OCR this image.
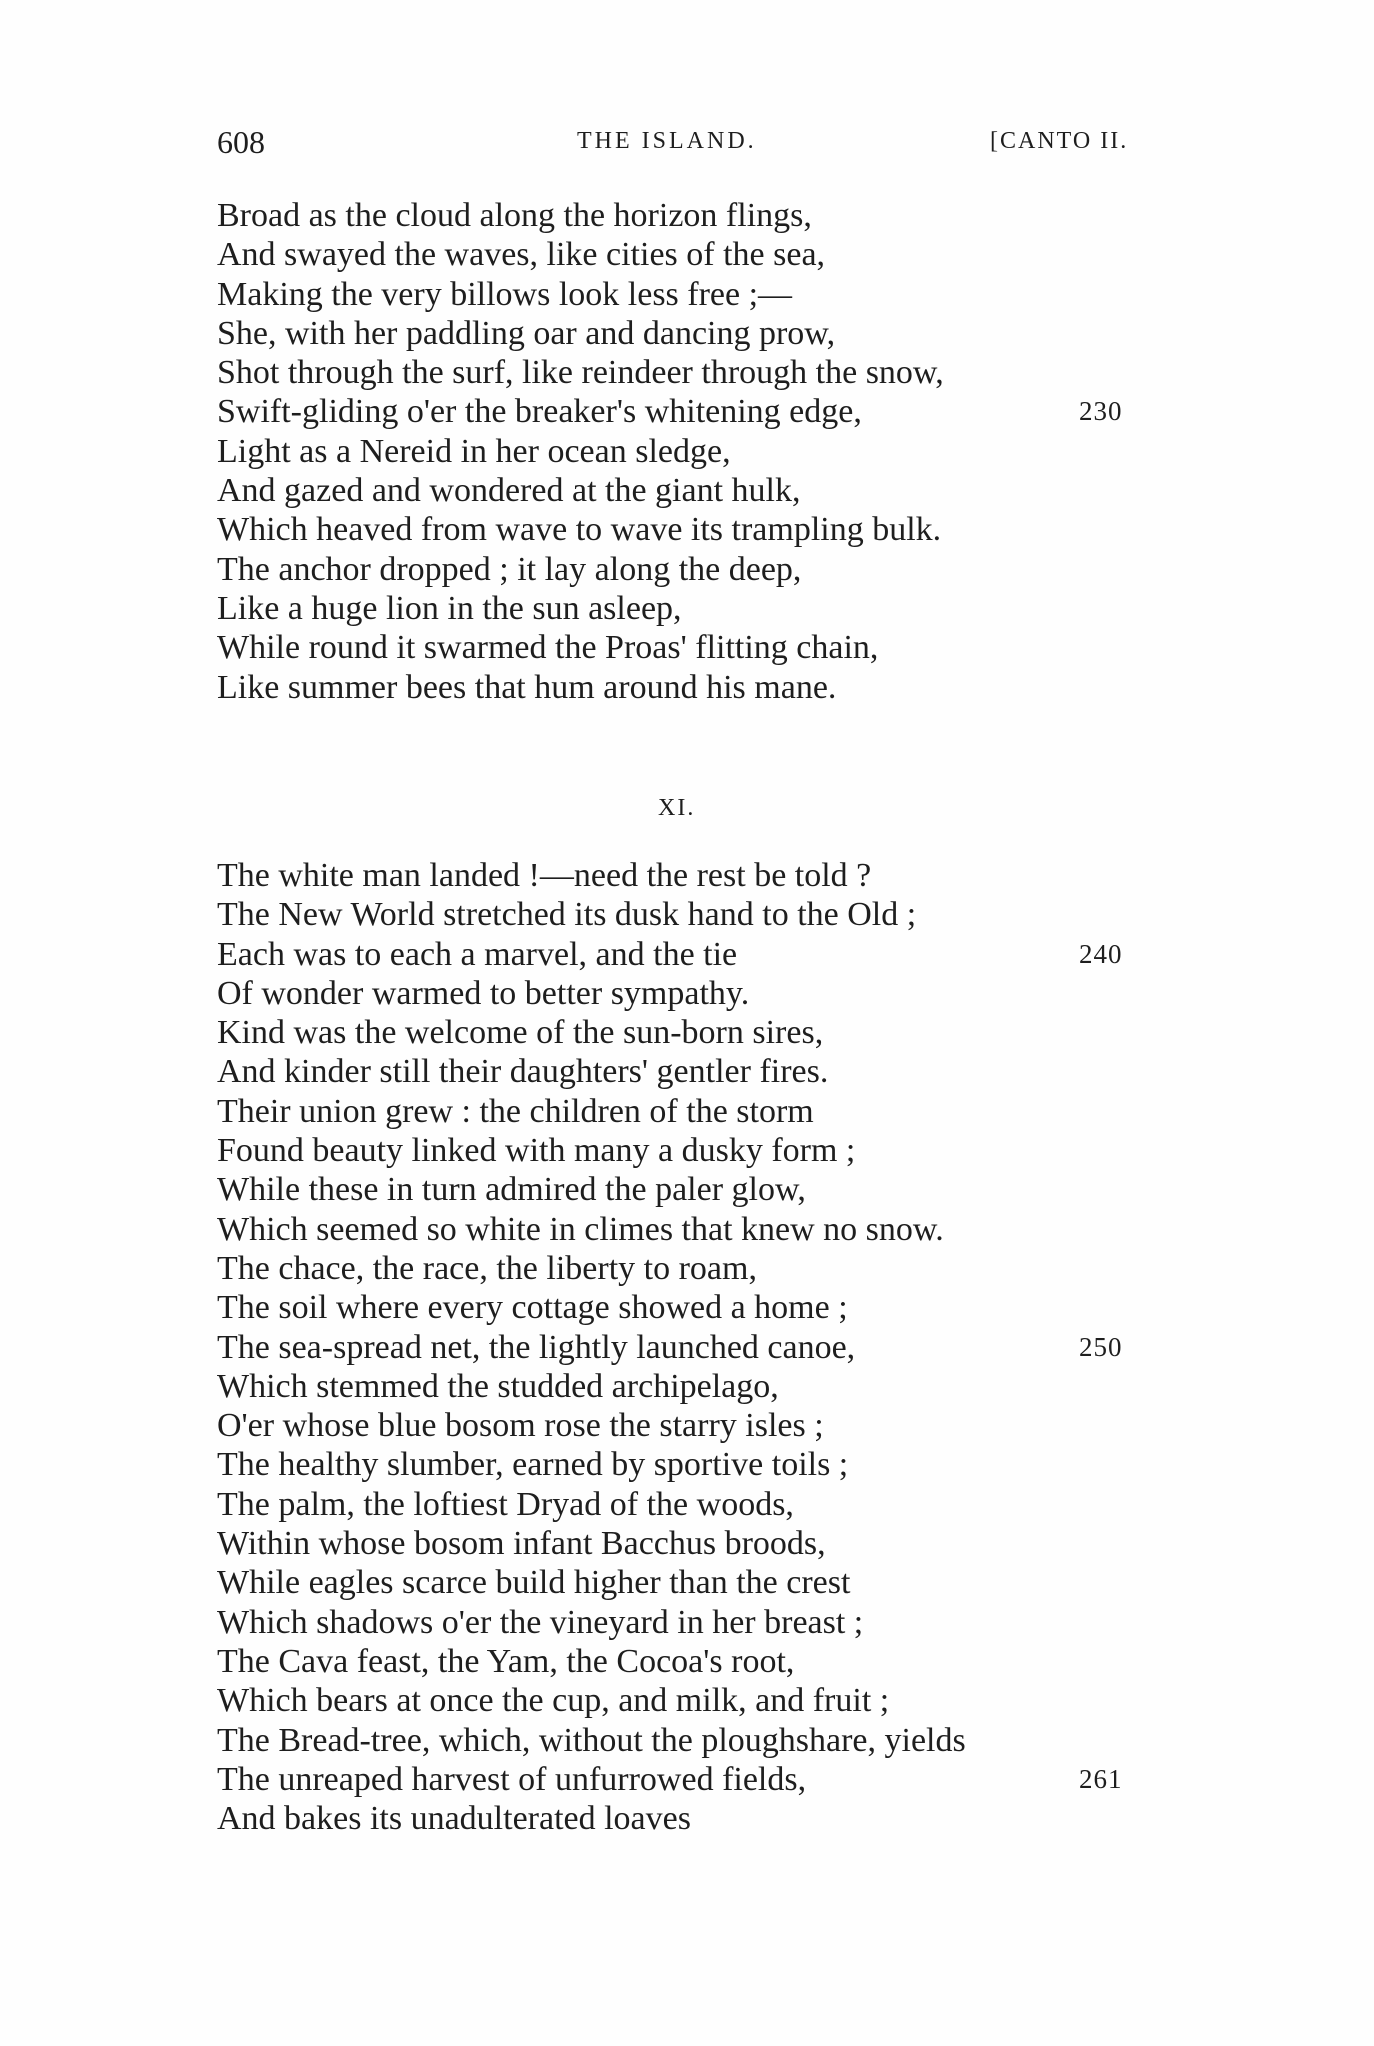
608	THE ISLAND.	[CANTO II.
Broad as the cloud along the horizon flings,
And swayed the waves, like cities of the sea,
Making the very billows look less free ;—
She, with her paddling oar and dancing prow,
Shot through the surf, like reindeer through the snow,
Swift-gliding o'er the breaker's whitening edge,	230
Light as a Nereid in her ocean sledge,
And gazed and wondered at the giant hulk,
Which heaved from wave to wave its trampling bulk.
The anchor dropped ; it lay along the deep,
Like a huge lion in the sun asleep,
While round it swarmed the Proas' flitting chain,
Like summer bees that hum around his mane.
XI.
The white man landed !—need the rest be told ?
The New World stretched its dusk hand to the Old ;
Each was to each a marvel, and the tie	240
Of wonder warmed to better sympathy.
Kind was the welcome of the sun-born sires,
And kinder still their daughters' gentler fires.
Their union grew : the children of the storm
Found beauty linked with many a dusky form ;
While these in turn admired the paler glow,
Which seemed so white in climes that knew no snow.
The chace, the race, the liberty to roam,
The soil where every cottage showed a home ;
The sea-spread net, the lightly launched canoe,	250
Which stemmed the studded archipelago,
O'er whose blue bosom rose the starry isles ;
The healthy slumber, earned by sportive toils ;
The palm, the loftiest Dryad of the woods,
Within whose bosom infant Bacchus broods,
While eagles scarce build higher than the crest
Which shadows o'er the vineyard in her breast ;
The Cava feast, the Yam, the Cocoa's root,
Which bears at once the cup, and milk, and fruit ;
The Bread-tree, which, without the ploughshare, yields
The unreaped harvest of unfurrowed fields,	261
And bakes its unadulterated loaves
